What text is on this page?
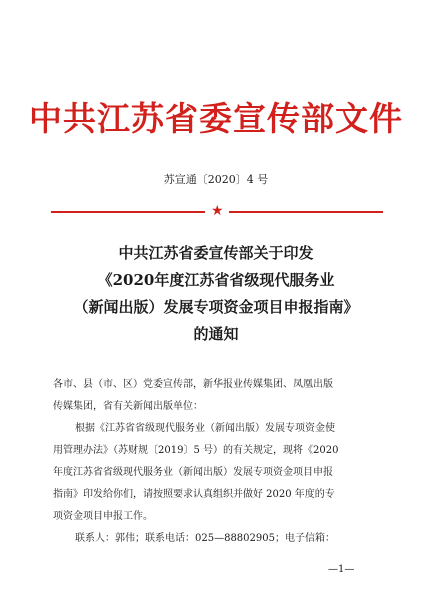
中共江苏省委宣传部文件
苏宣通〔2020〕4 号
★
中共江苏省委宣传部关于印发
《2020年度江苏省省级现代服务业
（新闻出版）发展专项资金项目申报指南》
的通知
各市、县（市、区）党委宣传部，新华报业传媒集团、凤凰出版
传媒集团，省有关新闻出版单位：
根据《江苏省省级现代服务业（新闻出版）发展专项资金使
用管理办法》（苏财规〔2019〕5 号）的有关规定，现将《2020
年度江苏省省级现代服务业（新闻出版）发展专项资金项目申报
指南》印发给你们，请按照要求认真组织并做好 2020 年度的专
项资金项目申报工作。
联系人：郭伟；联系电话：025—88802905；电子信箱：
—1—
